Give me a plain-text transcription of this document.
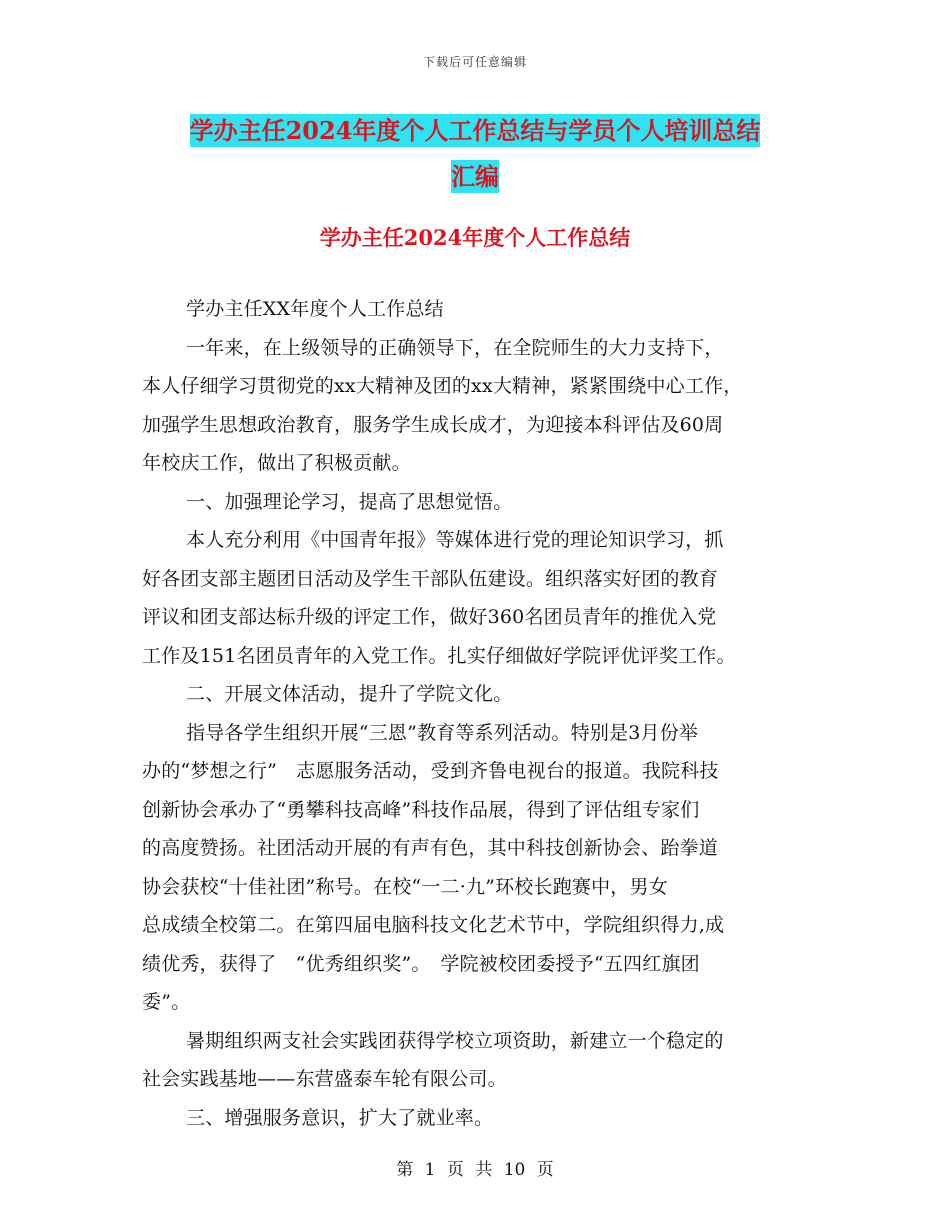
下载后可任意编辑
学办主任2024年度个人工作总结与学员个人培训总结
汇编
学办主任2024年度个人工作总结

学办主任XX年度个人工作总结

一年来，在上级领导的正确领导下，在全院师生的大力支持下，

本人仔细学习贯彻党的xx大精神及团的xx大精神，紧紧围绕中心工作，

加强学生思想政治教育，服务学生成长成才，为迎接本科评估及60周

年校庆工作，做出了积极贡献。

一、加强理论学习，提高了思想觉悟。

本人充分利用《中国青年报》等媒体进行党的理论知识学习，抓

好各团支部主题团日活动及学生干部队伍建设。组织落实好团的教育

评议和团支部达标升级的评定工作，做好360名团员青年的推优入党

工作及151名团员青年的入党工作。扎实仔细做好学院评优评奖工作。

二、开展文体活动，提升了学院文化。

指导各学生组织开展“三恩”教育等系列活动。特别是3月份举

办的“梦想之行”　志愿服务活动，受到齐鲁电视台的报道。我院科技

创新协会承办了“勇攀科技高峰”科技作品展，得到了评估组专家们

的高度赞扬。社团活动开展的有声有色，其中科技创新协会、跆拳道

协会获校“十佳社团”称号。在校“一二·九”环校长跑赛中，男女

总成绩全校第二。在第四届电脑科技文化艺术节中，学院组织得力,成

绩优秀，获得了　“优秀组织奖”。　学院被校团委授予“五四红旗团

委”。

暑期组织两支社会实践团获得学校立项资助，新建立一个稳定的

社会实践基地——东营盛泰车轮有限公司。

三、增强服务意识，扩大了就业率。

第 1 页 共 10 页
